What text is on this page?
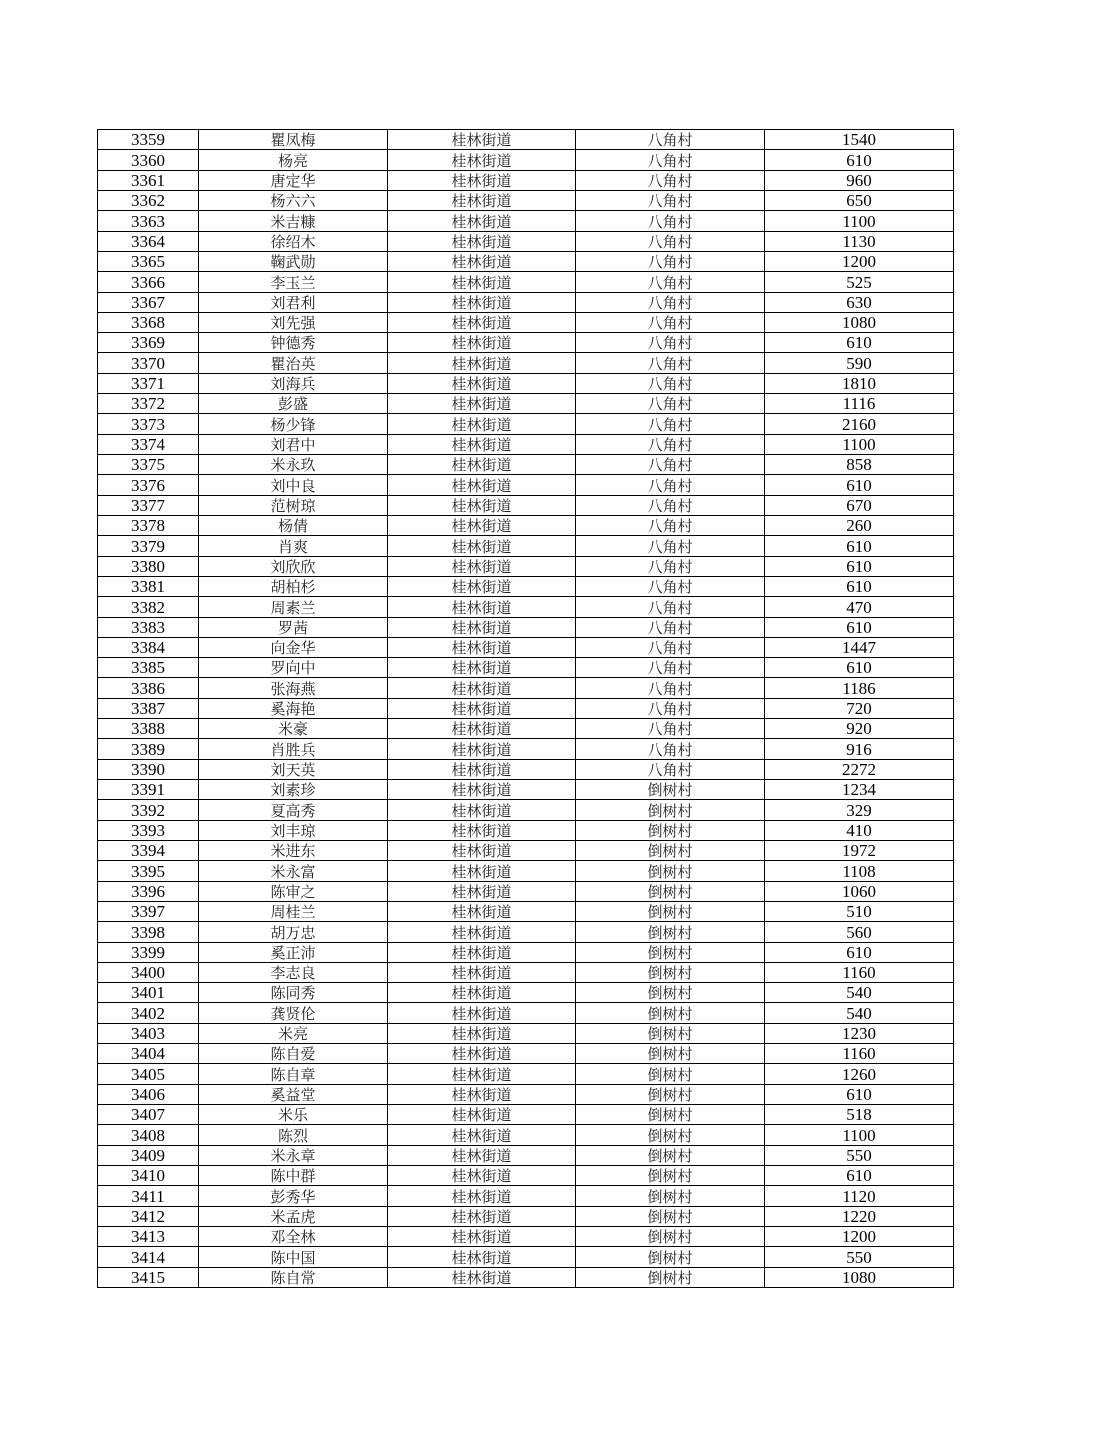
3359	瞿凤梅	桂林街道	八角村	1540
3360	杨亮	桂林街道	八角村	610
3361	唐定华	桂林街道	八角村	960
3362	杨六六	桂林街道	八角村	650
3363	米吉糠	桂林街道	八角村	1100
3364	徐绍木	桂林街道	八角村	1130
3365	鞠武勋	桂林街道	八角村	1200
3366	李玉兰	桂林街道	八角村	525
3367	刘君利	桂林街道	八角村	630
3368	刘先强	桂林街道	八角村	1080
3369	钟德秀	桂林街道	八角村	610
3370	瞿治英	桂林街道	八角村	590
3371	刘海兵	桂林街道	八角村	1810
3372	彭盛	桂林街道	八角村	1116
3373	杨少锋	桂林街道	八角村	2160
3374	刘君中	桂林街道	八角村	1100
3375	米永玖	桂林街道	八角村	858
3376	刘中良	桂林街道	八角村	610
3377	范树琼	桂林街道	八角村	670
3378	杨倩	桂林街道	八角村	260
3379	肖爽	桂林街道	八角村	610
3380	刘欣欣	桂林街道	八角村	610
3381	胡柏杉	桂林街道	八角村	610
3382	周素兰	桂林街道	八角村	470
3383	罗茜	桂林街道	八角村	610
3384	向金华	桂林街道	八角村	1447
3385	罗向中	桂林街道	八角村	610
3386	张海燕	桂林街道	八角村	1186
3387	奚海艳	桂林街道	八角村	720
3388	米豪	桂林街道	八角村	920
3389	肖胜兵	桂林街道	八角村	916
3390	刘天英	桂林街道	八角村	2272
3391	刘素珍	桂林街道	倒树村	1234
3392	夏高秀	桂林街道	倒树村	329
3393	刘丰琼	桂林街道	倒树村	410
3394	米进东	桂林街道	倒树村	1972
3395	米永富	桂林街道	倒树村	1108
3396	陈审之	桂林街道	倒树村	1060
3397	周桂兰	桂林街道	倒树村	510
3398	胡万忠	桂林街道	倒树村	560
3399	奚正沛	桂林街道	倒树村	610
3400	李志良	桂林街道	倒树村	1160
3401	陈同秀	桂林街道	倒树村	540
3402	龚贤伦	桂林街道	倒树村	540
3403	米亮	桂林街道	倒树村	1230
3404	陈自爱	桂林街道	倒树村	1160
3405	陈自章	桂林街道	倒树村	1260
3406	奚益堂	桂林街道	倒树村	610
3407	米乐	桂林街道	倒树村	518
3408	陈烈	桂林街道	倒树村	1100
3409	米永章	桂林街道	倒树村	550
3410	陈中群	桂林街道	倒树村	610
3411	彭秀华	桂林街道	倒树村	1120
3412	米孟虎	桂林街道	倒树村	1220
3413	邓全林	桂林街道	倒树村	1200
3414	陈中国	桂林街道	倒树村	550
3415	陈自常	桂林街道	倒树村	1080
